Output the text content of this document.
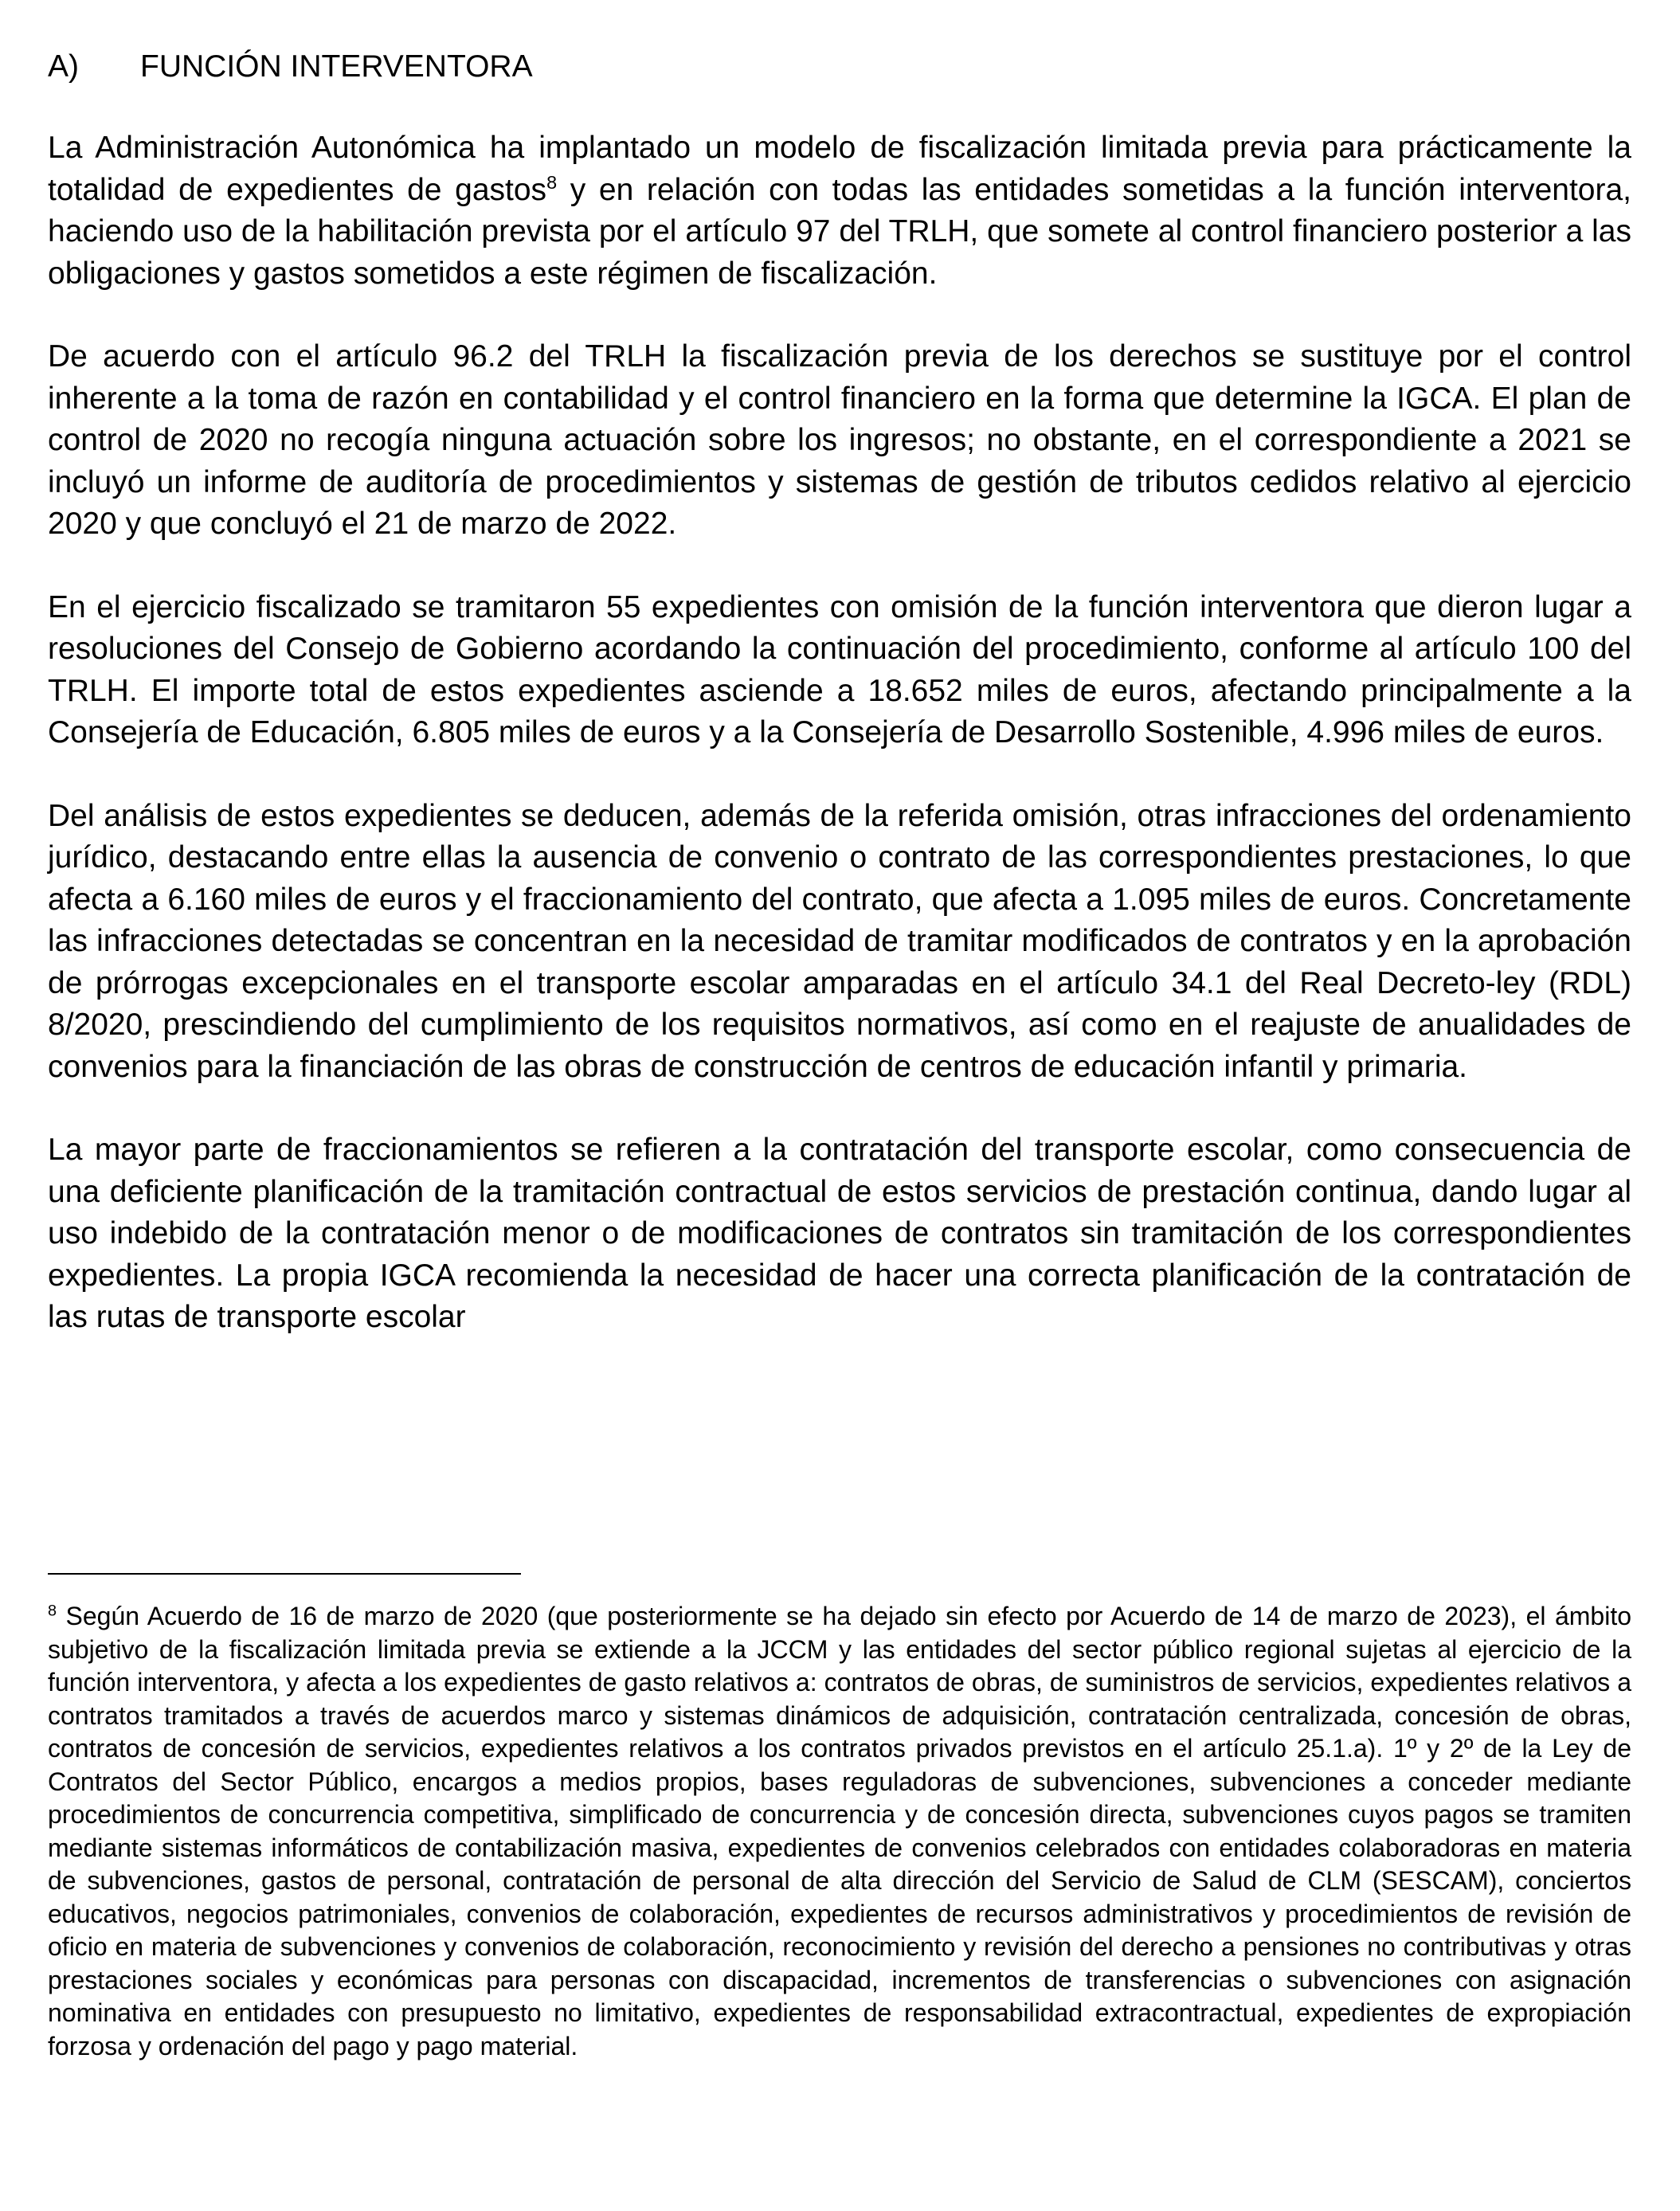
A)	FUNCIÓN INTERVENTORA

La Administración Autonómica ha implantado un modelo de fiscalización limitada previa para prácticamente la totalidad de expedientes de gastos$^8$ y en relación con todas las entidades sometidas a la función interventora, haciendo uso de la habilitación prevista por el artículo 97 del TRLH, que somete al control financiero posterior a las obligaciones y gastos sometidos a este régimen de fiscalización.

De acuerdo con el artículo 96.2 del TRLH la fiscalización previa de los derechos se sustituye por el control inherente a la toma de razón en contabilidad y el control financiero en la forma que determine la IGCA. El plan de control de 2020 no recogía ninguna actuación sobre los ingresos; no obstante, en el correspondiente a 2021 se incluyó un informe de auditoría de procedimientos y sistemas de gestión de tributos cedidos relativo al ejercicio 2020 y que concluyó el 21 de marzo de 2022.

En el ejercicio fiscalizado se tramitaron 55 expedientes con omisión de la función interventora que dieron lugar a resoluciones del Consejo de Gobierno acordando la continuación del procedimiento, conforme al artículo 100 del TRLH. El importe total de estos expedientes asciende a 18.652 miles de euros, afectando principalmente a la Consejería de Educación, 6.805 miles de euros y a la Consejería de Desarrollo Sostenible, 4.996 miles de euros.

Del análisis de estos expedientes se deducen, además de la referida omisión, otras infracciones del ordenamiento jurídico, destacando entre ellas la ausencia de convenio o contrato de las correspondientes prestaciones, lo que afecta a 6.160 miles de euros y el fraccionamiento del contrato, que afecta a 1.095 miles de euros. Concretamente las infracciones detectadas se concentran en la necesidad de tramitar modificados de contratos y en la aprobación de prórrogas excepcionales en el transporte escolar amparadas en el artículo 34.1 del Real Decreto-ley (RDL) 8/2020, prescindiendo del cumplimiento de los requisitos normativos, así como en el reajuste de anualidades de convenios para la financiación de las obras de construcción de centros de educación infantil y primaria.

La mayor parte de fraccionamientos se refieren a la contratación del transporte escolar, como consecuencia de una deficiente planificación de la tramitación contractual de estos servicios de prestación continua, dando lugar al uso indebido de la contratación menor o de modificaciones de contratos sin tramitación de los correspondientes expedientes. La propia IGCA recomienda la necesidad de hacer una correcta planificación de la contratación de las rutas de transporte escolar

$^8$ Según Acuerdo de 16 de marzo de 2020 (que posteriormente se ha dejado sin efecto por Acuerdo de 14 de marzo de 2023), el ámbito subjetivo de la fiscalización limitada previa se extiende a la JCCM y las entidades del sector público regional sujetas al ejercicio de la función interventora, y afecta a los expedientes de gasto relativos a: contratos de obras, de suministros de servicios, expedientes relativos a contratos tramitados a través de acuerdos marco y sistemas dinámicos de adquisición, contratación centralizada, concesión de obras, contratos de concesión de servicios, expedientes relativos a los contratos privados previstos en el artículo 25.1.a). 1º y 2º de la Ley de Contratos del Sector Público, encargos a medios propios, bases reguladoras de subvenciones, subvenciones a conceder mediante procedimientos de concurrencia competitiva, simplificado de concurrencia y de concesión directa, subvenciones cuyos pagos se tramiten mediante sistemas informáticos de contabilización masiva, expedientes de convenios celebrados con entidades colaboradoras en materia de subvenciones, gastos de personal, contratación de personal de alta dirección del Servicio de Salud de CLM (SESCAM), conciertos educativos, negocios patrimoniales, convenios de colaboración, expedientes de recursos administrativos y procedimientos de revisión de oficio en materia de subvenciones y convenios de colaboración, reconocimiento y revisión del derecho a pensiones no contributivas y otras prestaciones sociales y económicas para personas con discapacidad, incrementos de transferencias o subvenciones con asignación nominativa en entidades con presupuesto no limitativo, expedientes de responsabilidad extracontractual, expedientes de expropiación forzosa y ordenación del pago y pago material.
